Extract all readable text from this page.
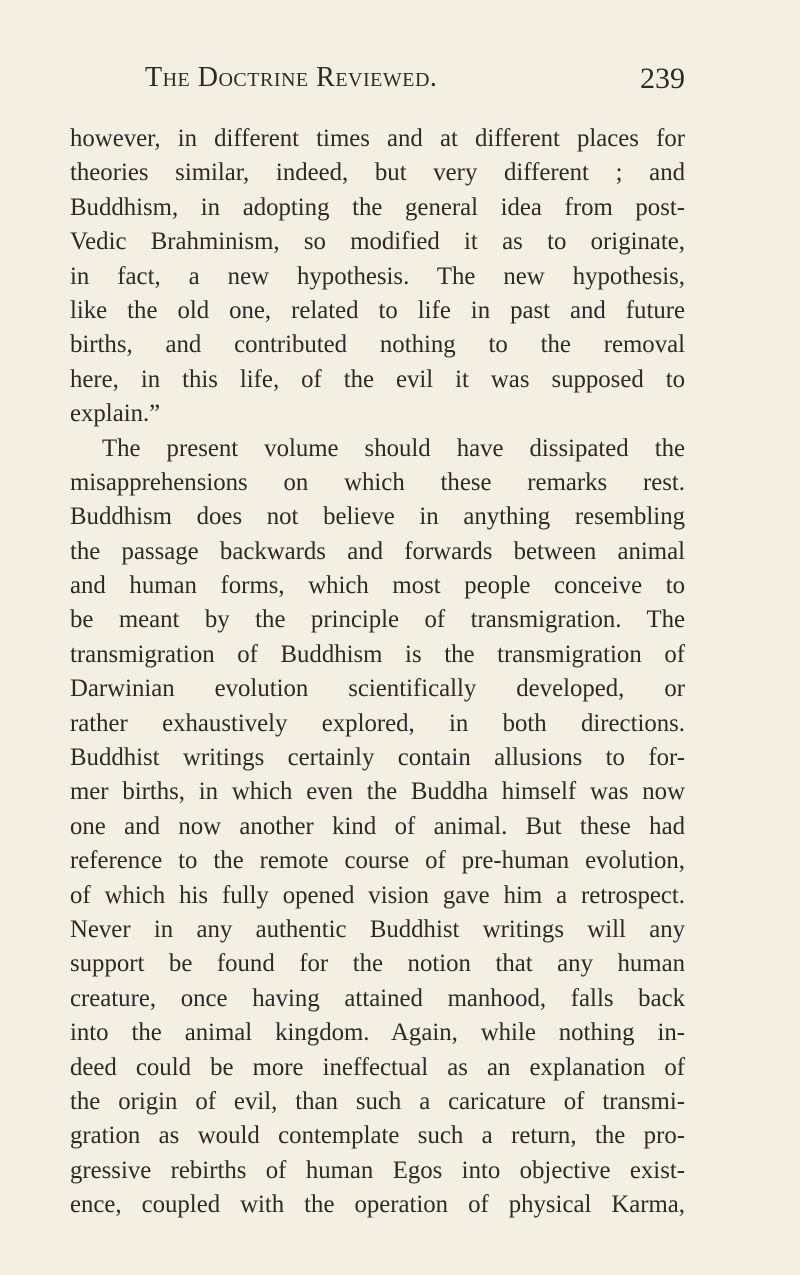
The Doctrine Reviewed.	239
however, in different times and at different places for
theories similar, indeed, but very different ; and
Buddhism, in adopting the general idea from post-
Vedic Brahminism, so modified it as to originate,
in fact, a new hypothesis. The new hypothesis,
like the old one, related to life in past and future
births, and contributed nothing to the removal
here, in this life, of the evil it was supposed to
explain.”
The present volume should have dissipated the
misapprehensions on which these remarks rest.
Buddhism does not believe in anything resembling
the passage backwards and forwards between animal
and human forms, which most people conceive to
be meant by the principle of transmigration. The
transmigration of Buddhism is the transmigration of
Darwinian evolution scientifically developed, or
rather exhaustively explored, in both directions.
Buddhist writings certainly contain allusions to for-
mer births, in which even the Buddha himself was now
one and now another kind of animal. But these had
reference to the remote course of pre-human evolution,
of which his fully opened vision gave him a retrospect.
Never in any authentic Buddhist writings will any
support be found for the notion that any human
creature, once having attained manhood, falls back
into the animal kingdom. Again, while nothing in-
deed could be more ineffectual as an explanation of
the origin of evil, than such a caricature of transmi-
gration as would contemplate such a return, the pro-
gressive rebirths of human Egos into objective exist-
ence, coupled with the operation of physical Karma,
